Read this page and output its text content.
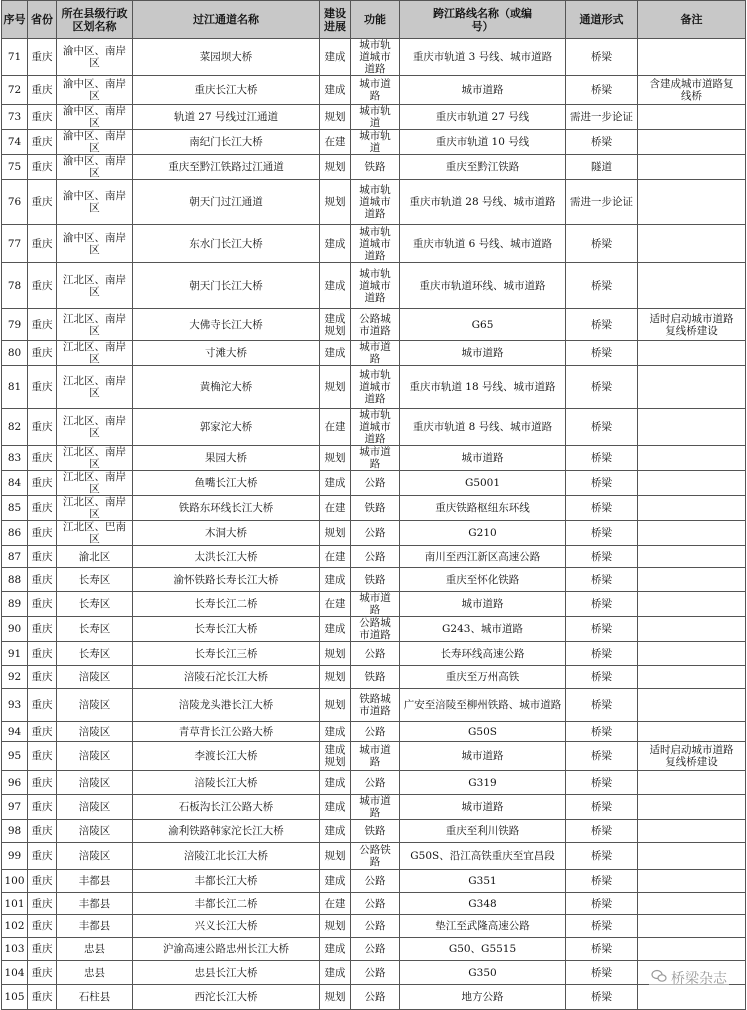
序号	省份	所在县级行政区划名称	过江通道名称	建设进展	功能	跨江路线名称（或编号）	通道形式	备注
71	重庆	渝中区、南岸区	菜园坝大桥	建成	城市轨道城市道路	重庆市轨道 3 号线、城市道路	桥梁	
72	重庆	渝中区、南岸区	重庆长江大桥	建成	城市道路	城市道路	桥梁	含建成城市道路复线桥
73	重庆	渝中区、南岸区	轨道 27 号线过江通道	规划	城市轨道	重庆市轨道 27 号线	需进一步论证	
74	重庆	渝中区、南岸区	南纪门长江大桥	在建	城市轨道	重庆市轨道 10 号线	桥梁	
75	重庆	渝中区、南岸区	重庆至黔江铁路过江通道	规划	铁路	重庆至黔江铁路	隧道	
76	重庆	渝中区、南岸区	朝天门过江通道	规划	城市轨道城市道路	重庆市轨道 28 号线、城市道路	需进一步论证	
77	重庆	渝中区、南岸区	东水门长江大桥	建成	城市轨道城市道路	重庆市轨道 6 号线、城市道路	桥梁	
78	重庆	江北区、南岸区	朝天门长江大桥	建成	城市轨道城市道路	重庆市轨道环线、城市道路	桥梁	
79	重庆	江北区、南岸区	大佛寺长江大桥	建成规划	公路城市道路	G65	桥梁	适时启动城市道路复线桥建设
80	重庆	江北区、南岸区	寸滩大桥	建成	城市道路	城市道路	桥梁	
81	重庆	江北区、南岸区	黄桷沱大桥	规划	城市轨道城市道路	重庆市轨道 18 号线、城市道路	桥梁	
82	重庆	江北区、南岸区	郭家沱大桥	在建	城市轨道城市道路	重庆市轨道 8 号线、城市道路	桥梁	
83	重庆	江北区、南岸区	果园大桥	规划	城市道路	城市道路	桥梁	
84	重庆	江北区、南岸区	鱼嘴长江大桥	建成	公路	G5001	桥梁	
85	重庆	江北区、南岸区	铁路东环线长江大桥	在建	铁路	重庆铁路枢纽东环线	桥梁	
86	重庆	江北区、巴南区	木洞大桥	规划	公路	G210	桥梁	
87	重庆	渝北区	太洪长江大桥	在建	公路	南川至西江新区高速公路	桥梁	
88	重庆	长寿区	渝怀铁路长寿长江大桥	建成	铁路	重庆至怀化铁路	桥梁	
89	重庆	长寿区	长寿长江二桥	在建	城市道路	城市道路	桥梁	
90	重庆	长寿区	长寿长江大桥	建成	公路城市道路	G243、城市道路	桥梁	
91	重庆	长寿区	长寿长江三桥	规划	公路	长寿环线高速公路	桥梁	
92	重庆	涪陵区	涪陵石沱长江大桥	规划	铁路	重庆至万州高铁	桥梁	
93	重庆	涪陵区	涪陵龙头港长江大桥	规划	铁路城市道路	广安至涪陵至柳州铁路、城市道路	桥梁	
94	重庆	涪陵区	青草背长江公路大桥	建成	公路	G50S	桥梁	
95	重庆	涪陵区	李渡长江大桥	建成规划	城市道路	城市道路	桥梁	适时启动城市道路复线桥建设
96	重庆	涪陵区	涪陵长江大桥	建成	公路	G319	桥梁	
97	重庆	涪陵区	石板沟长江公路大桥	建成	城市道路	城市道路	桥梁	
98	重庆	涪陵区	渝利铁路韩家沱长江大桥	建成	铁路	重庆至利川铁路	桥梁	
99	重庆	涪陵区	涪陵江北长江大桥	规划	公路铁路	G50S、沿江高铁重庆至宜昌段	桥梁	
100	重庆	丰都县	丰都长江大桥	建成	公路	G351	桥梁	
101	重庆	丰都县	丰都长江二桥	在建	公路	G348	桥梁	
102	重庆	丰都县	兴义长江大桥	规划	公路	垫江至武隆高速公路	桥梁	
103	重庆	忠县	沪渝高速公路忠州长江大桥	建成	公路	G50、G5515	桥梁	
104	重庆	忠县	忠县长江大桥	建成	公路	G350	桥梁	
105	重庆	石柱县	西沱长江大桥	规划	公路	地方公路	桥梁	
桥梁杂志
